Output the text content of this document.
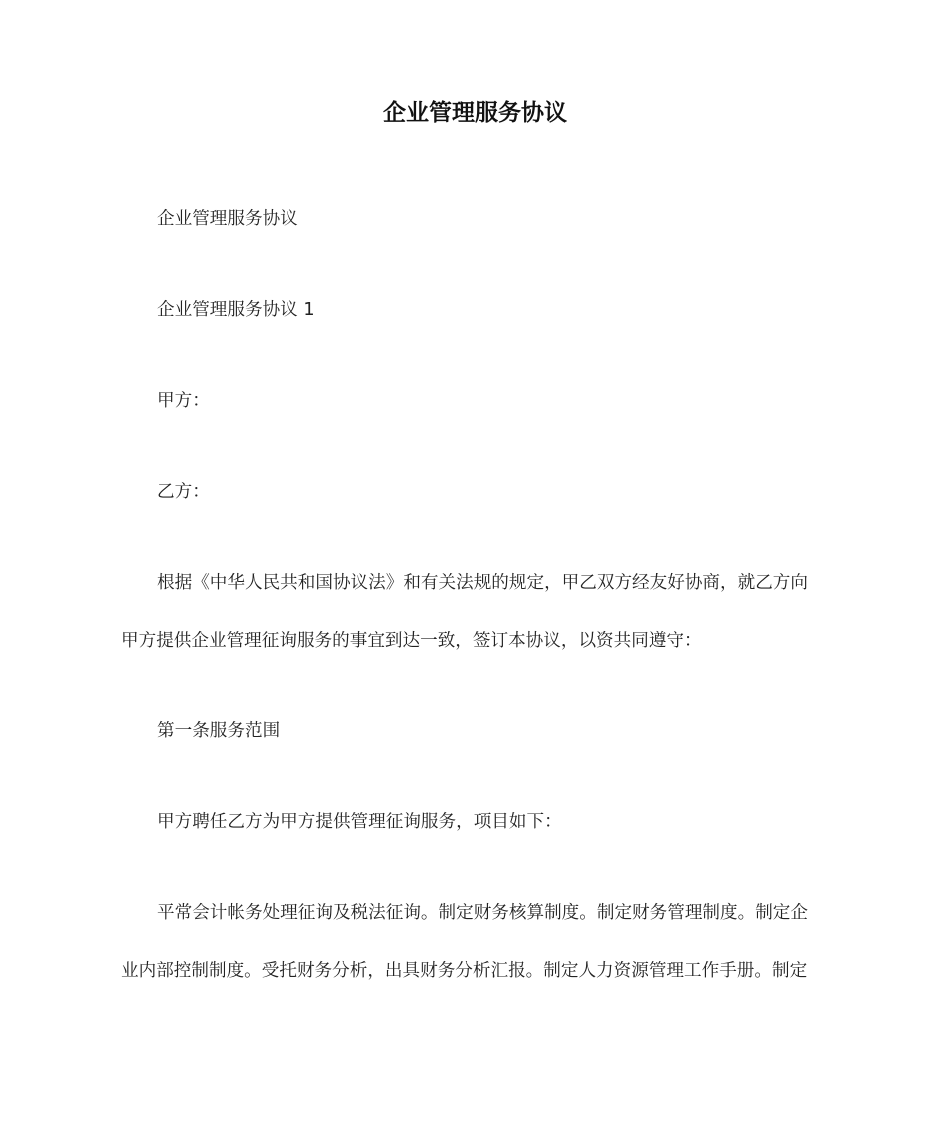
企业管理服务协议
企业管理服务协议
企业管理服务协议 1
甲方：
乙方：
根据《中华人民共和国协议法》和有关法规的规定，甲乙双方经友好协商，就乙方向
甲方提供企业管理征询服务的事宜到达一致，签订本协议，以资共同遵守：
第一条服务范围
甲方聘任乙方为甲方提供管理征询服务，项目如下：
平常会计帐务处理征询及税法征询。制定财务核算制度。制定财务管理制度。制定企
业内部控制制度。受托财务分析，出具财务分析汇报。制定人力资源管理工作手册。制定
